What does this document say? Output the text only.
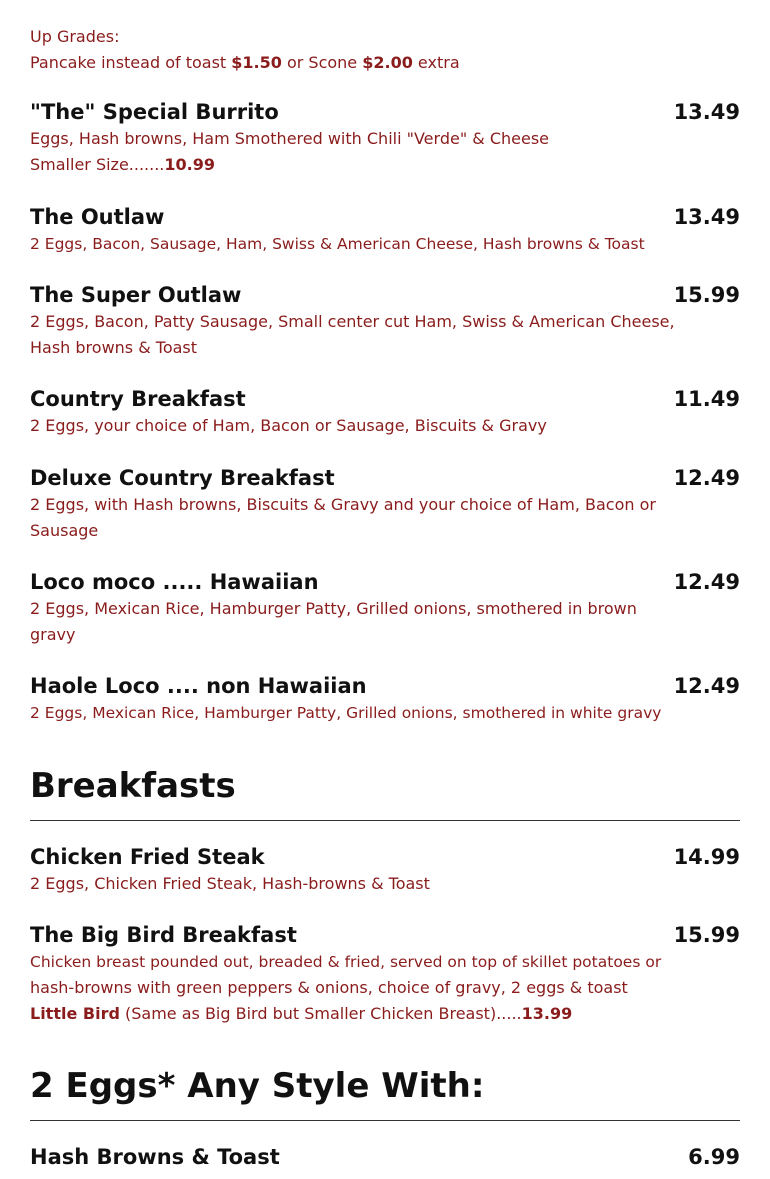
Up Grades:
Pancake instead of toast $1.50 or Scone $2.00 extra
"The" Special Burrito	13.49
Eggs, Hash browns, Ham Smothered with Chili "Verde" & Cheese
Smaller Size.......10.99
The Outlaw	13.49
2 Eggs, Bacon, Sausage, Ham, Swiss & American Cheese, Hash browns & Toast
The Super Outlaw	15.99
2 Eggs, Bacon, Patty Sausage, Small center cut Ham, Swiss & American Cheese,
Hash browns & Toast
Country Breakfast	11.49
2 Eggs, your choice of Ham, Bacon or Sausage, Biscuits & Gravy
Deluxe Country Breakfast	12.49
2 Eggs, with Hash browns, Biscuits & Gravy and your choice of Ham, Bacon or
Sausage
Loco moco ..... Hawaiian	12.49
2 Eggs, Mexican Rice, Hamburger Patty, Grilled onions, smothered in brown
gravy
Haole Loco .... non Hawaiian	12.49
2 Eggs, Mexican Rice, Hamburger Patty, Grilled onions, smothered in white gravy
Breakfasts
Chicken Fried Steak	14.99
2 Eggs, Chicken Fried Steak, Hash-browns & Toast
The Big Bird Breakfast	15.99
Chicken breast pounded out, breaded & fried, served on top of skillet potatoes or
hash-browns with green peppers & onions, choice of gravy, 2 eggs & toast
Little Bird (Same as Big Bird but Smaller Chicken Breast).....13.99
2 Eggs* Any Style With:
Hash Browns & Toast	6.99
